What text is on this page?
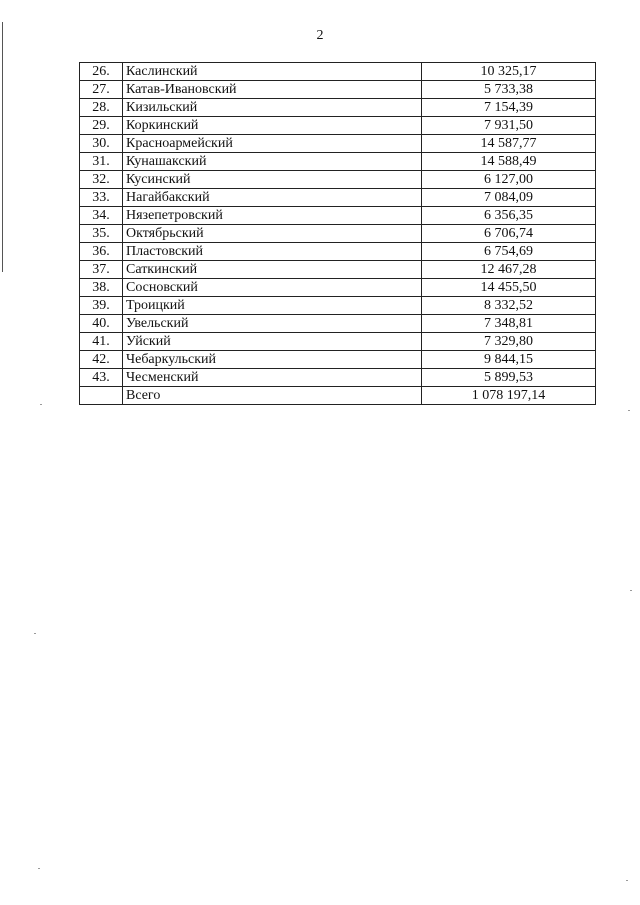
2
26.	Каслинский	10 325,17
27.	Катав-Ивановский	5 733,38
28.	Кизильский	7 154,39
29.	Коркинский	7 931,50
30.	Красноармейский	14 587,77
31.	Кунашакский	14 588,49
32.	Кусинский	6 127,00
33.	Нагайбакский	7 084,09
34.	Нязепетровский	6 356,35
35.	Октябрьский	6 706,74
36.	Пластовский	6 754,69
37.	Саткинский	12 467,28
38.	Сосновский	14 455,50
39.	Троицкий	8 332,52
40.	Увельский	7 348,81
41.	Уйский	7 329,80
42.	Чебаркульский	9 844,15
43.	Чесменский	5 899,53
	Всего	1 078 197,14
